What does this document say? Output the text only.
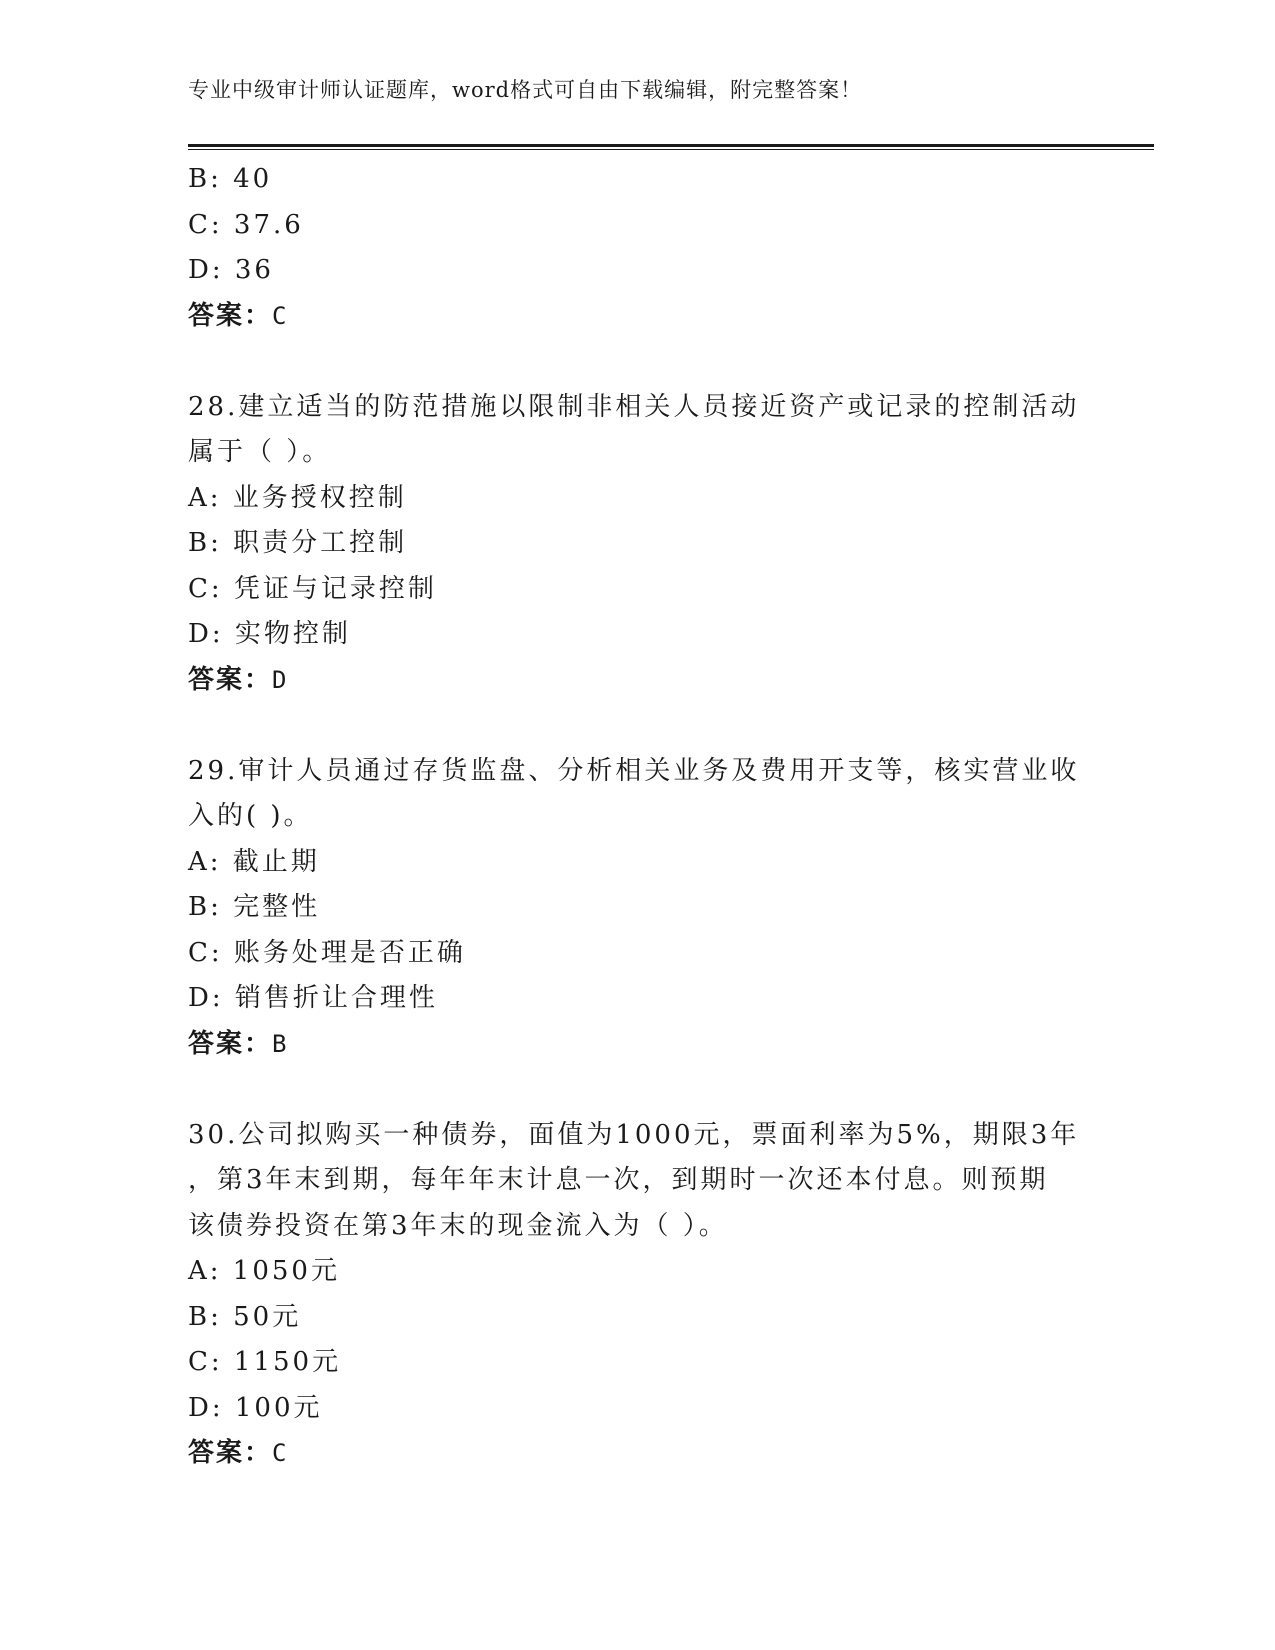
专业中级审计师认证题库，word格式可自由下载编辑，附完整答案！
B: 40
C: 37.6
D: 36
答案：C
28.建立适当的防范措施以限制非相关人员接近资产或记录的控制活动
属于（ ）。
A: 业务授权控制
B: 职责分工控制
C: 凭证与记录控制
D: 实物控制
答案：D
29.审计人员通过存货监盘、分析相关业务及费用开支等，核实营业收
入的( )。
A: 截止期
B: 完整性
C: 账务处理是否正确
D: 销售折让合理性
答案：B
30.公司拟购买一种债券，面值为1000元，票面利率为5%，期限3年
，第3年末到期，每年年末计息一次，到期时一次还本付息。则预期
该债券投资在第3年末的现金流入为（ ）。
A: 1050元
B: 50元
C: 1150元
D: 100元
答案：C
